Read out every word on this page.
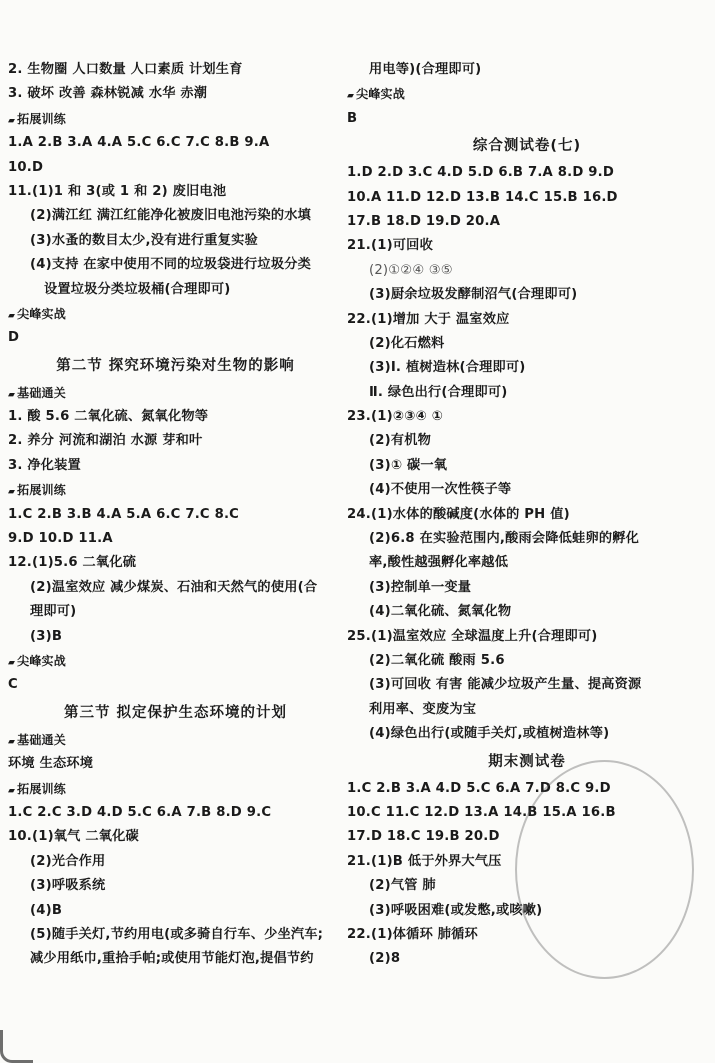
2. 生物圈 人口数量 人口素质 计划生育
3. 破坏 改善 森林锐减 水华 赤潮
▰ 拓展训练
1.A 2.B 3.A 4.A 5.C 6.C 7.C 8.B 9.A
10.D
11.(1)1 和 3(或 1 和 2) 废旧电池
(2)满江红 满江红能净化被废旧电池污染的水填
(3)水蚤的数目太少,没有进行重复实验
(4)支持 在家中使用不同的垃圾袋进行垃圾分类
设置垃圾分类垃圾桶(合理即可)
▰ 尖峰实战
D
第二节 探究环境污染对生物的影响
▰ 基础通关
1. 酸 5.6 二氧化硫、氮氧化物等
2. 养分 河流和湖泊 水源 芽和叶
3. 净化装置
▰ 拓展训练
1.C 2.B 3.B 4.A 5.A 6.C 7.C 8.C
9.D 10.D 11.A
12.(1)5.6 二氧化硫
(2)温室效应 减少煤炭、石油和天然气的使用(合
理即可)
(3)B
▰ 尖峰实战
C
第三节 拟定保护生态环境的计划
▰ 基础通关
环境 生态环境
▰ 拓展训练
1.C 2.C 3.D 4.D 5.C 6.A 7.B 8.D 9.C
10.(1)氧气 二氧化碳
(2)光合作用
(3)呼吸系统
(4)B
(5)随手关灯,节约用电(或多骑自行车、少坐汽车;
减少用纸巾,重拾手帕;或使用节能灯泡,提倡节约
用电等)(合理即可)
▰ 尖峰实战
B
综合测试卷(七)
1.D 2.D 3.C 4.D 5.D 6.B 7.A 8.D 9.D
10.A 11.D 12.D 13.B 14.C 15.B 16.D
17.B 18.D 19.D 20.A
21.(1)可回收
(2)①②④ ③⑤
(3)厨余垃圾发酵制沼气(合理即可)
22.(1)增加 大于 温室效应
(2)化石燃料
(3)Ⅰ. 植树造林(合理即可)
Ⅱ. 绿色出行(合理即可)
23.(1)②③④ ①
(2)有机物
(3)① 碳一氧
(4)不使用一次性筷子等
24.(1)水体的酸碱度(水体的 PH 值)
(2)6.8 在实验范围内,酸雨会降低蛙卵的孵化
率,酸性越强孵化率越低
(3)控制单一变量
(4)二氧化硫、氮氧化物
25.(1)温室效应 全球温度上升(合理即可)
(2)二氧化硫 酸雨 5.6
(3)可回收 有害 能减少垃圾产生量、提高资源
利用率、变废为宝
(4)绿色出行(或随手关灯,或植树造林等)
期末测试卷
1.C 2.B 3.A 4.D 5.C 6.A 7.D 8.C 9.D
10.C 11.C 12.D 13.A 14.B 15.A 16.B
17.D 18.C 19.B 20.D
21.(1)B 低于外界大气压
(2)气管 肺
(3)呼吸困难(或发憋,或咳嗽)
22.(1)体循环 肺循环
(2)8
